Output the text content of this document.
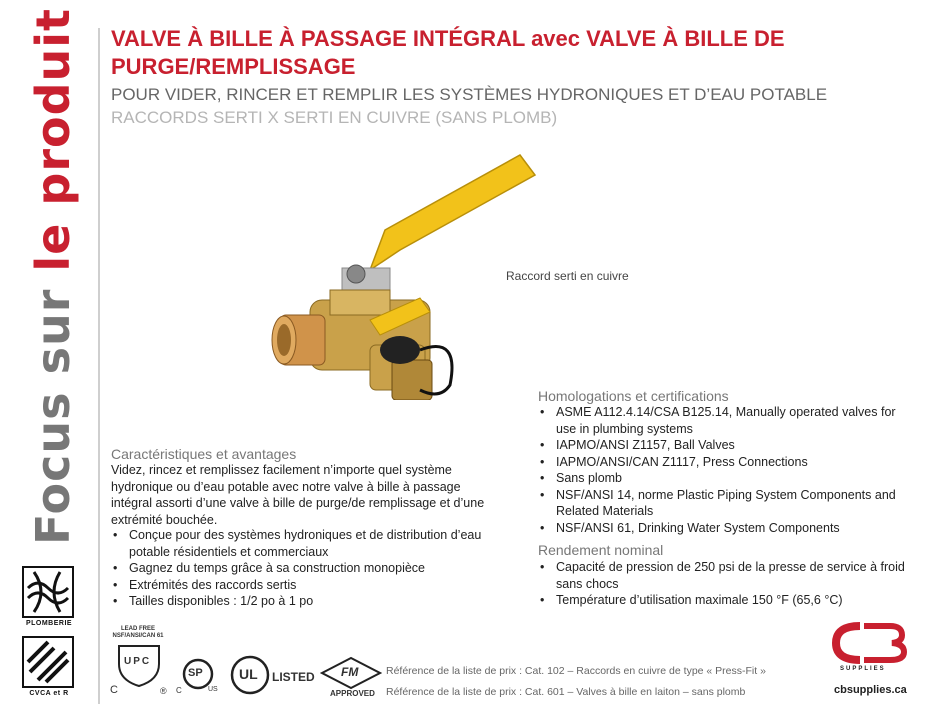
Focus sur le produit
PLOMBERIE
CVCA et R
VALVE À BILLE À PASSAGE INTÉGRAL avec VALVE À BILLE DE PURGE/REMPLISSAGE
POUR VIDER, RINCER ET REMPLIR LES SYSTÈMES HYDRONIQUES ET D’EAU POTABLE
RACCORDS SERTI X SERTI EN CUIVRE (SANS PLOMB)
Raccord serti en cuivre
Caractéristiques et avantages
Videz, rincez et remplissez facilement n’importe quel système hydronique ou d’eau potable avec notre valve à bille à passage intégral assorti d’une valve à bille de purge/de remplissage et d’une extrémité bouchée.
• Conçue pour des systèmes hydroniques et de distribution d’eau potable résidentiels et commerciaux
• Gagnez du temps grâce à sa construction monopièce
• Extrémités des raccords sertis
• Tailles disponibles : 1/2 po à 1 po
Homologations et certifications
• ASME A112.4.14/CSA B125.14, Manually operated valves for use in plumbing systems
• IAPMO/ANSI Z1157, Ball Valves
• IAPMO/ANSI/CAN Z1117, Press Connections
• Sans plomb
• NSF/ANSI 14, norme Plastic Piping System Components and Related Materials
• NSF/ANSI 61, Drinking Water System Components
Rendement nominal
• Capacité de pression de 250 psi de la presse de service à froid sans chocs
• Température d’utilisation maximale 150 °F (65,6 °C)
LEAD FREE
NSF/ANSI/CAN 61
UPC
C	®
SP
C	US
UL LISTED FM
APPROVED
Référence de la liste de prix : Cat. 102 – Raccords en cuivre de type « Press-Fit »
Référence de la liste de prix : Cat. 601 – Valves à bille en laiton – sans plomb
SUPPLIES
cbsupplies.ca
